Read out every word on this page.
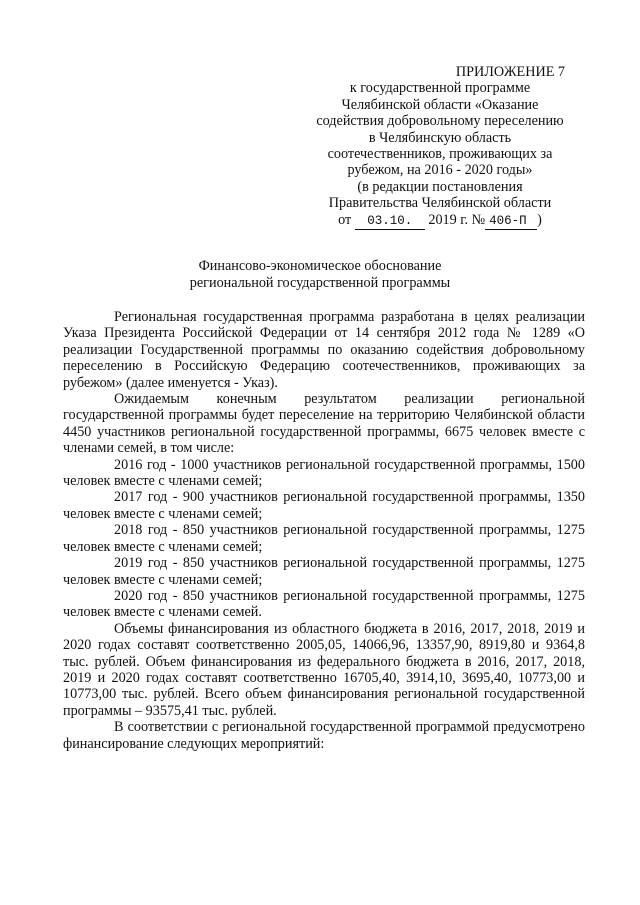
ПРИЛОЖЕНИЕ 7
к государственной программе
Челябинской области «Оказание
содействия добровольному переселению
в Челябинскую область
соотечественников, проживающих за
рубежом, на 2016 - 2020 годы»
(в редакции постановления
Правительства Челябинской области
от 03.10. 2019 г. № 406-П )
Финансово-экономическое обоснование
региональной государственной программы

Региональная государственная программа разработана в целях реализации Указа Президента Российской Федерации от 14 сентября 2012 года № 1289 «О реализации Государственной программы по оказанию содействия добровольному переселению в Российскую Федерацию соотечественников, проживающих за рубежом» (далее именуется - Указ).

Ожидаемым конечным результатом реализации региональной государственной программы будет переселение на территорию Челябинской области 4450 участников региональной государственной программы, 6675 человек вместе с членами семей, в том числе:

2016 год - 1000 участников региональной государственной программы, 1500 человек вместе с членами семей;

2017 год - 900 участников региональной государственной программы, 1350 человек вместе с членами семей;

2018 год - 850 участников региональной государственной программы, 1275 человек вместе с членами семей;

2019 год - 850 участников региональной государственной программы, 1275 человек вместе с членами семей;

2020 год - 850 участников региональной государственной программы, 1275 человек вместе с членами семей.

Объемы финансирования из областного бюджета в 2016, 2017, 2018, 2019 и 2020 годах составят соответственно 2005,05, 14066,96, 13357,90, 8919,80 и 9364,8 тыс. рублей. Объем финансирования из федерального бюджета в 2016, 2017, 2018, 2019 и 2020 годах составят соответственно 16705,40, 3914,10, 3695,40, 10773,00 и 10773,00 тыс. рублей. Всего объем финансирования региональной государственной программы – 93575,41 тыс. рублей.

В соответствии с региональной государственной программой предусмотрено финансирование следующих мероприятий:
